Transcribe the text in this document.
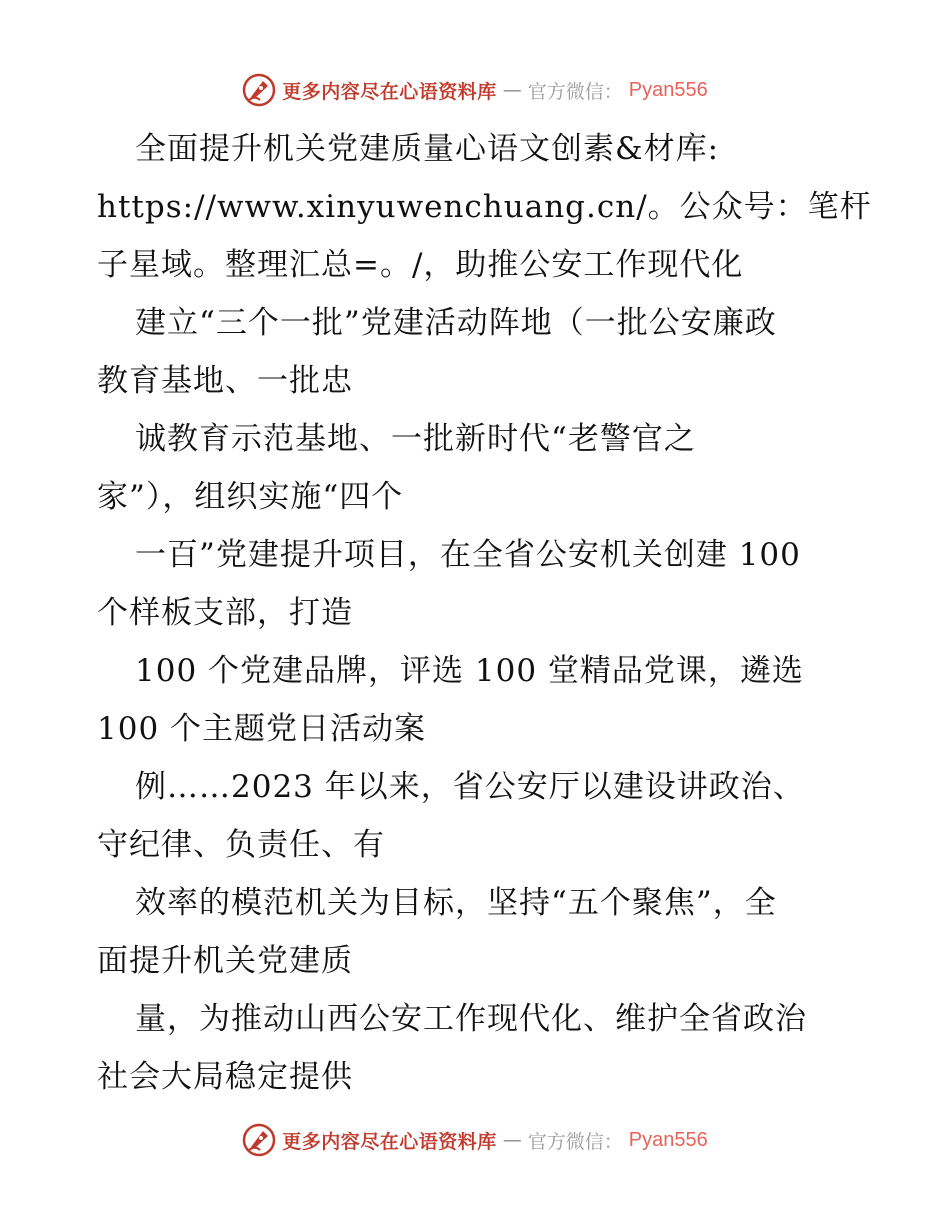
更多内容尽在心语资料库 — 官方微信： Pyan556
全面提升机关党建质量心语文创素&材库:
https://www.xinyuwenchuang.cn/。公众号：笔杆
子星域。整理汇总=。/，助推公安工作现代化
建立“三个一批”党建活动阵地（一批公安廉政
教育基地、一批忠
诚教育示范基地、一批新时代“老警官之
家”），组织实施“四个
一百”党建提升项目，在全省公安机关创建 100
个样板支部，打造
100 个党建品牌，评选 100 堂精品党课，遴选
100 个主题党日活动案
例……2023 年以来，省公安厅以建设讲政治、
守纪律、负责任、有
效率的模范机关为目标，坚持“五个聚焦”，全
面提升机关党建质
量，为推动山西公安工作现代化、维护全省政治
社会大局稳定提供
更多内容尽在心语资料库 — 官方微信： Pyan556
